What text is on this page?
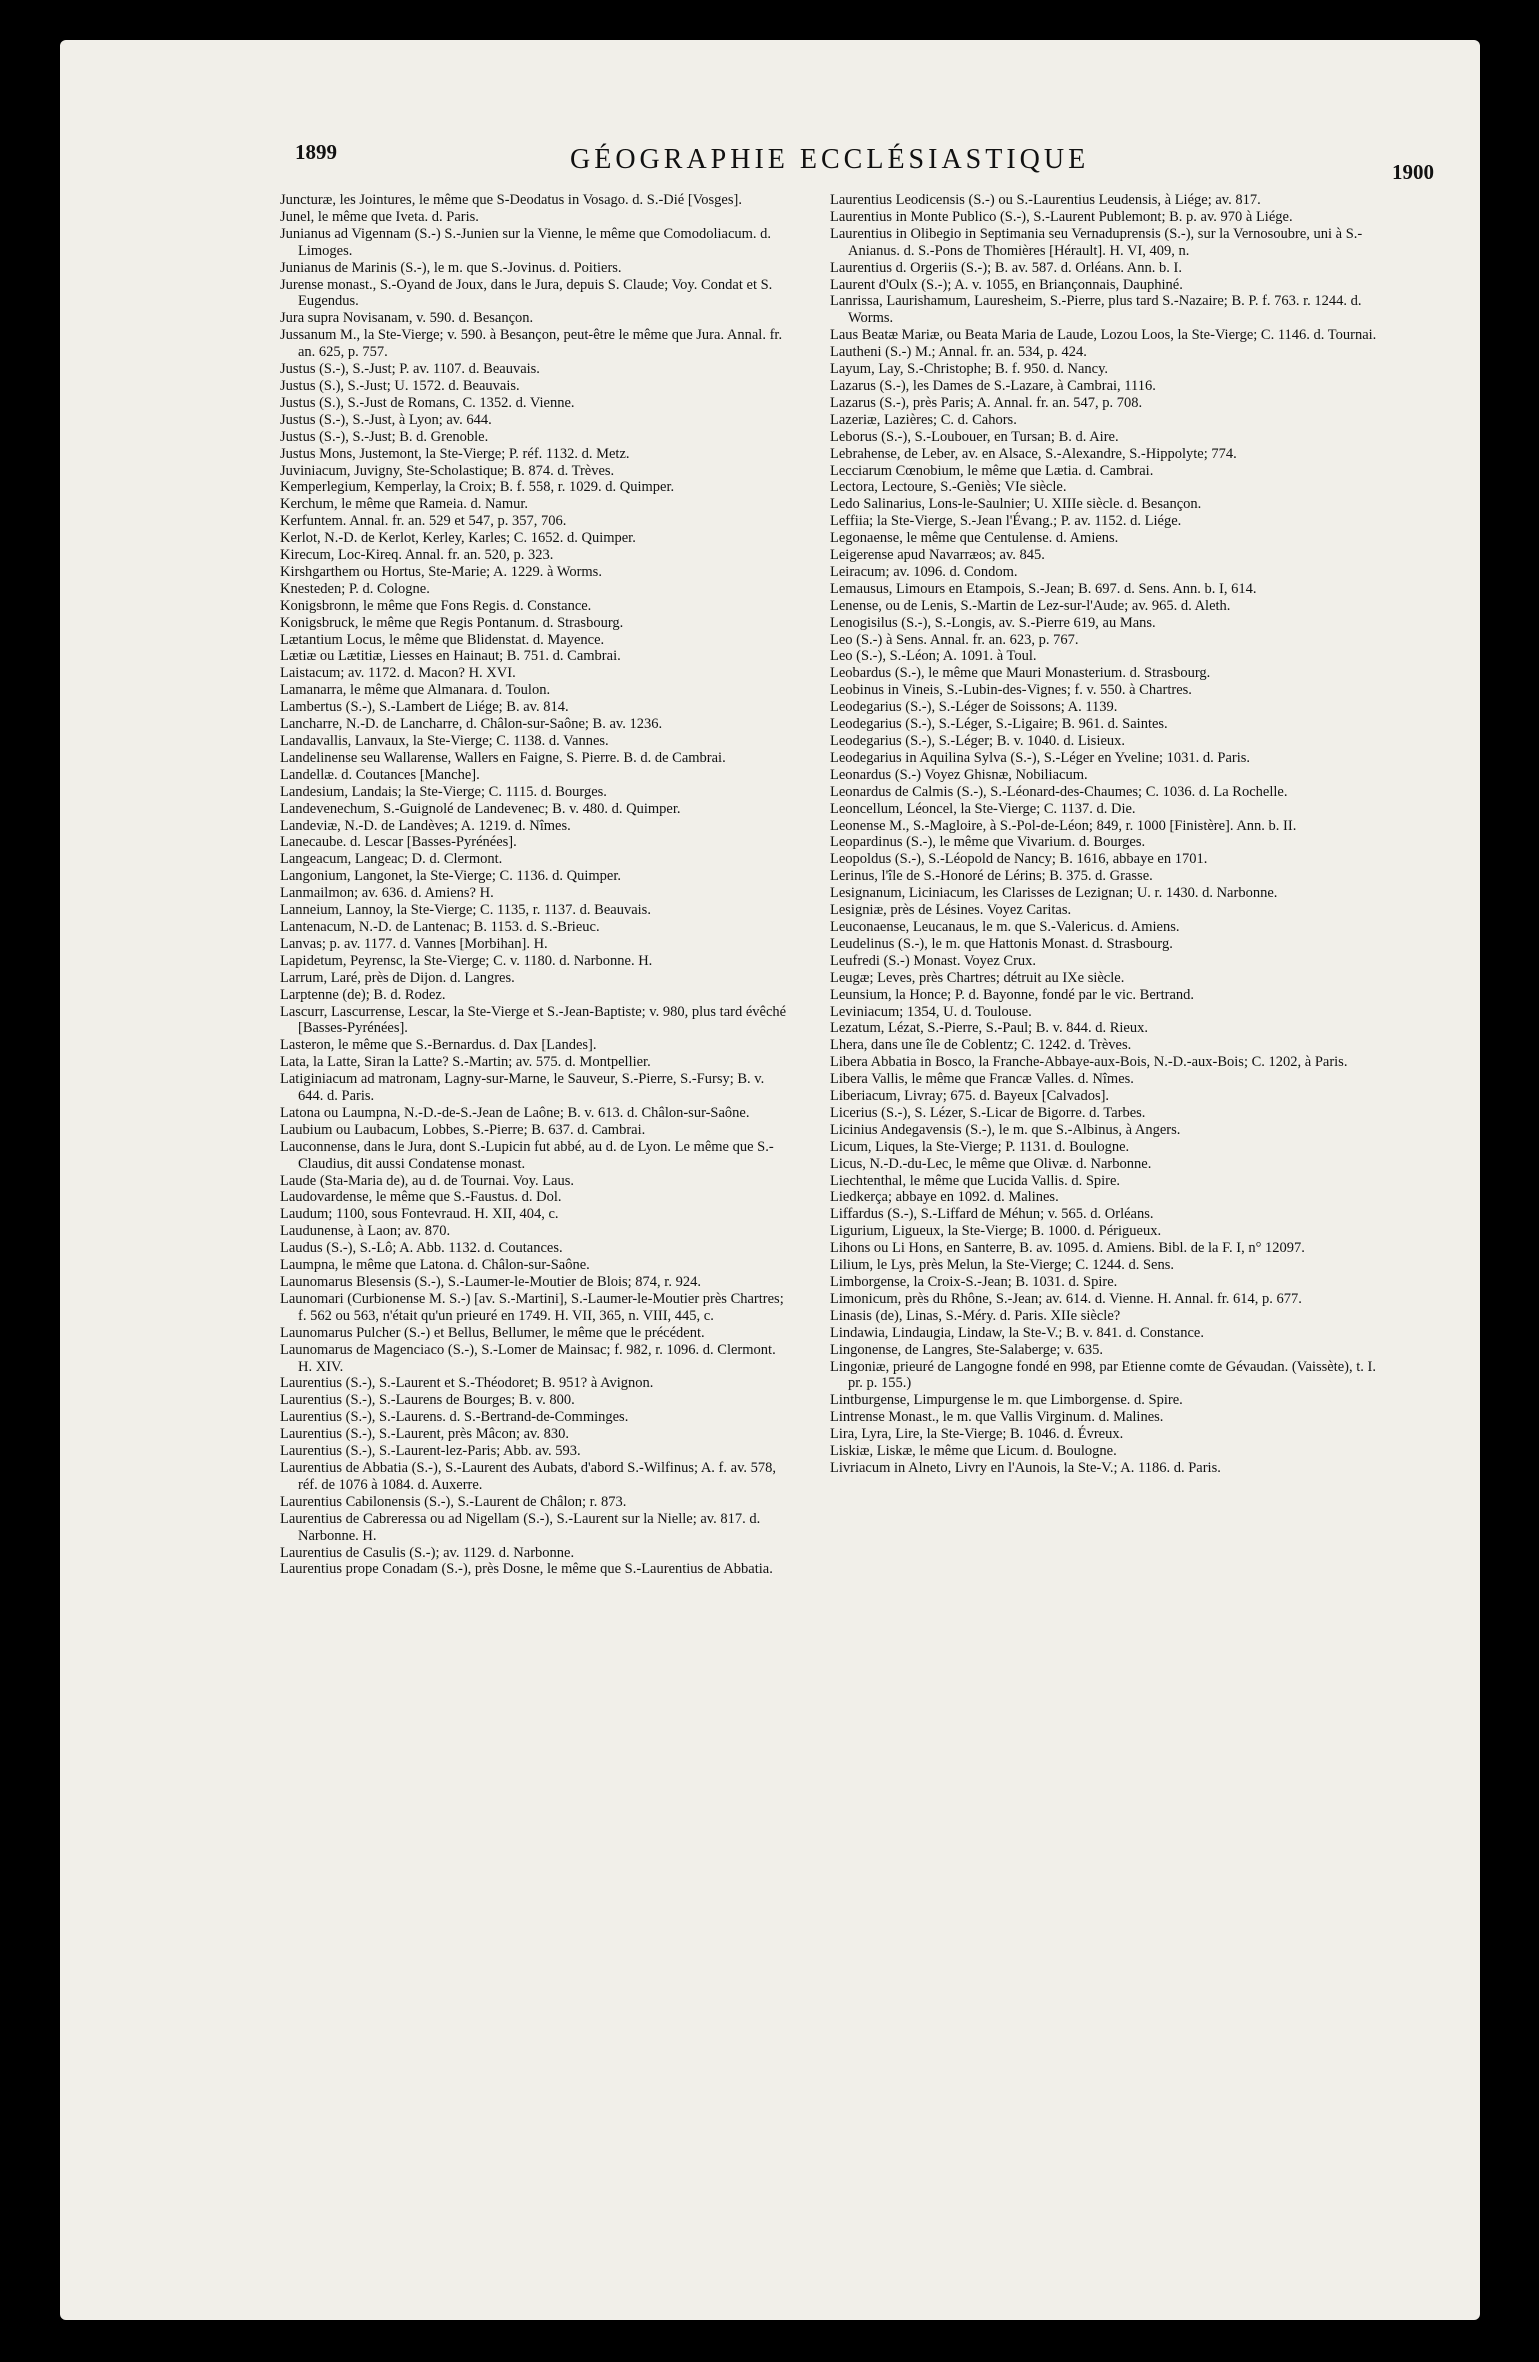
1899	GÉOGRAPHIE ECCLÉSIASTIQUE	1900

Juncturæ, les Jointures, le même que S-Deodatus in Vosago. d. S.-Dié [Vosges].

Junel, le même que Iveta. d. Paris.

Junianus ad Vigennam (S.-) S.-Junien sur la Vienne, le même que Comodoliacum. d. Limoges.

Junianus de Marinis (S.-), le m. que S.-Jovinus. d. Poitiers.

Jurense monast., S.-Oyand de Joux, dans le Jura, depuis S. Claude; Voy. Condat et S. Eugendus.

Jura supra Novisanam, v. 590. d. Besançon.

Jussanum M., la Ste-Vierge; v. 590. à Besançon, peut-être le même que Jura. Annal. fr. an. 625, p. 757.

Justus (S.-), S.-Just; P. av. 1107. d. Beauvais.

Justus (S.), S.-Just; U. 1572. d. Beauvais.

Justus (S.), S.-Just de Romans, C. 1352. d. Vienne.

Justus (S.-), S.-Just, à Lyon; av. 644.

Justus (S.-), S.-Just; B. d. Grenoble.

Justus Mons, Justemont, la Ste-Vierge; P. réf. 1132. d. Metz.

Juviniacum, Juvigny, Ste-Scholastique; B. 874. d. Trèves.

Kemperlegium, Kemperlay, la Croix; B. f. 558, r. 1029. d. Quimper.

Kerchum, le même que Rameia. d. Namur.

Kerfuntem. Annal. fr. an. 529 et 547, p. 357, 706.

Kerlot, N.-D. de Kerlot, Kerley, Karles; C. 1652. d. Quimper.

Kirecum, Loc-Kireq. Annal. fr. an. 520, p. 323.

Kirshgarthem ou Hortus, Ste-Marie; A. 1229. à Worms.

Knesteden; P. d. Cologne.

Konigsbronn, le même que Fons Regis. d. Constance.

Konigsbruck, le même que Regis Pontanum. d. Strasbourg.

Lætantium Locus, le même que Blidenstat. d. Mayence.

Lætiæ ou Lætitiæ, Liesses en Hainaut; B. 751. d. Cambrai.

Laistacum; av. 1172. d. Macon? H. XVI.

Lamanarra, le même que Almanara. d. Toulon.

Lambertus (S.-), S.-Lambert de Liége; B. av. 814.

Lancharre, N.-D. de Lancharre, d. Châlon-sur-Saône; B. av. 1236.

Landavallis, Lanvaux, la Ste-Vierge; C. 1138. d. Vannes.

Landelinense seu Wallarense, Wallers en Faigne, S. Pierre. B. d. de Cambrai.

Landellæ. d. Coutances [Manche].

Landesium, Landais; la Ste-Vierge; C. 1115. d. Bourges.

Landevenechum, S.-Guignolé de Landevenec; B. v. 480. d. Quimper.

Landeviæ, N.-D. de Landèves; A. 1219. d. Nîmes.

Lanecaube. d. Lescar [Basses-Pyrénées].

Langeacum, Langeac; D. d. Clermont.

Langonium, Langonet, la Ste-Vierge; C. 1136. d. Quimper.

Lanmailmon; av. 636. d. Amiens? H.

Lanneium, Lannoy, la Ste-Vierge; C. 1135, r. 1137. d. Beauvais.

Lantenacum, N.-D. de Lantenac; B. 1153. d. S.-Brieuc.

Lanvas; p. av. 1177. d. Vannes [Morbihan]. H.

Lapidetum, Peyrensc, la Ste-Vierge; C. v. 1180. d. Narbonne. H.

Larrum, Laré, près de Dijon. d. Langres.

Larptenne (de); B. d. Rodez.

Lascurr, Lascurrense, Lescar, la Ste-Vierge et S.-Jean-Baptiste; v. 980, plus tard évêché [Basses-Pyrénées].

Lasteron, le même que S.-Bernardus. d. Dax [Landes].

Lata, la Latte, Siran la Latte? S.-Martin; av. 575. d. Montpellier.

Latiginiacum ad matronam, Lagny-sur-Marne, le Sauveur, S.-Pierre, S.-Fursy; B. v. 644. d. Paris.

Latona ou Laumpna, N.-D.-de-S.-Jean de Laône; B. v. 613. d. Châlon-sur-Saône.

Laubium ou Laubacum, Lobbes, S.-Pierre; B. 637. d. Cambrai.

Lauconnense, dans le Jura, dont S.-Lupicin fut abbé, au d. de Lyon. Le même que S.-Claudius, dit aussi Condatense monast.

Laude (Sta-Maria de), au d. de Tournai. Voy. Laus.

Laudovardense, le même que S.-Faustus. d. Dol.

Laudum; 1100, sous Fontevraud. H. XII, 404, c.

Laudunense, à Laon; av. 870.

Laudus (S.-), S.-Lô; A. Abb. 1132. d. Coutances.

Laumpna, le même que Latona. d. Châlon-sur-Saône.

Launomarus Blesensis (S.-), S.-Laumer-le-Moutier de Blois; 874, r. 924.

Launomari (Curbionense M. S.-) [av. S.-Martini], S.-Laumer-le-Moutier près Chartres; f. 562 ou 563, n'était qu'un prieuré en 1749. H. VII, 365, n. VIII, 445, c.

Launomarus Pulcher (S.-) et Bellus, Bellumer, le même que le précédent.

Launomarus de Magenciaco (S.-), S.-Lomer de Mainsac; f. 982, r. 1096. d. Clermont. H. XIV.

Laurentius (S.-), S.-Laurent et S.-Théodoret; B. 951? à Avignon.

Laurentius (S.-), S.-Laurens de Bourges; B. v. 800.

Laurentius (S.-), S.-Laurens. d. S.-Bertrand-de-Comminges.

Laurentius (S.-), S.-Laurent, près Mâcon; av. 830.

Laurentius (S.-), S.-Laurent-lez-Paris; Abb. av. 593.

Laurentius de Abbatia (S.-), S.-Laurent des Aubats, d'abord S.-Wilfinus; A. f. av. 578, réf. de 1076 à 1084. d. Auxerre.

Laurentius Cabilonensis (S.-), S.-Laurent de Châlon; r. 873.

Laurentius de Cabreressa ou ad Nigellam (S.-), S.-Laurent sur la Nielle; av. 817. d. Narbonne. H.

Laurentius de Casulis (S.-); av. 1129. d. Narbonne.

Laurentius prope Conadam (S.-), près Dosne, le même que S.-Laurentius de Abbatia.

Laurentius Leodicensis (S.-) ou S.-Laurentius Leudensis, à Liége; av. 817.

Laurentius in Monte Publico (S.-), S.-Laurent Publemont; B. p. av. 970 à Liége.

Laurentius in Olibegio in Septimania seu Vernaduprensis (S.-), sur la Vernosoubre, uni à S.-Anianus. d. S.-Pons de Thomières [Hérault]. H. VI, 409, n.

Laurentius d. Orgeriis (S.-); B. av. 587. d. Orléans. Ann. b. I.

Laurent d'Oulx (S.-); A. v. 1055, en Briançonnais, Dauphiné.

Lanrissa, Laurishamum, Lauresheim, S.-Pierre, plus tard S.-Nazaire; B. P. f. 763. r. 1244. d. Worms.

Laus Beatæ Mariæ, ou Beata Maria de Laude, Lozou Loos, la Ste-Vierge; C. 1146. d. Tournai.

Lautheni (S.-) M.; Annal. fr. an. 534, p. 424.

Layum, Lay, S.-Christophe; B. f. 950. d. Nancy.

Lazarus (S.-), les Dames de S.-Lazare, à Cambrai, 1116.

Lazarus (S.-), près Paris; A. Annal. fr. an. 547, p. 708.

Lazeriæ, Lazières; C. d. Cahors.

Leborus (S.-), S.-Loubouer, en Tursan; B. d. Aire.

Lebrahense, de Leber, av. en Alsace, S.-Alexandre, S.-Hippolyte; 774.

Lecciarum Cœnobium, le même que Lætia. d. Cambrai.

Lectora, Lectoure, S.-Geniès; VIe siècle.

Ledo Salinarius, Lons-le-Saulnier; U. XIIIe siècle. d. Besançon.

Leffiia; la Ste-Vierge, S.-Jean l'Évang.; P. av. 1152. d. Liége.

Legonaense, le même que Centulense. d. Amiens.

Leigerense apud Navarræos; av. 845.

Leiracum; av. 1096. d. Condom.

Lemausus, Limours en Etampois, S.-Jean; B. 697. d. Sens. Ann. b. I, 614.

Lenense, ou de Lenis, S.-Martin de Lez-sur-l'Aude; av. 965. d. Aleth.

Lenogisilus (S.-), S.-Longis, av. S.-Pierre 619, au Mans.

Leo (S.-) à Sens. Annal. fr. an. 623, p. 767.

Leo (S.-), S.-Léon; A. 1091. à Toul.

Leobardus (S.-), le même que Mauri Monasterium. d. Strasbourg.

Leobinus in Vineis, S.-Lubin-des-Vignes; f. v. 550. à Chartres.

Leodegarius (S.-), S.-Léger de Soissons; A. 1139.

Leodegarius (S.-), S.-Léger, S.-Ligaire; B. 961. d. Saintes.

Leodegarius (S.-), S.-Léger; B. v. 1040. d. Lisieux.

Leodegarius in Aquilina Sylva (S.-), S.-Léger en Yveline; 1031. d. Paris.

Leonardus (S.-) Voyez Ghisnæ, Nobiliacum.

Leonardus de Calmis (S.-), S.-Léonard-des-Chaumes; C. 1036. d. La Rochelle.

Leoncellum, Léoncel, la Ste-Vierge; C. 1137. d. Die.

Leonense M., S.-Magloire, à S.-Pol-de-Léon; 849, r. 1000 [Finistère]. Ann. b. II.

Leopardinus (S.-), le même que Vivarium. d. Bourges.

Leopoldus (S.-), S.-Léopold de Nancy; B. 1616, abbaye en 1701.

Lerinus, l'île de S.-Honoré de Lérins; B. 375. d. Grasse.

Lesignanum, Liciniacum, les Clarisses de Lezignan; U. r. 1430. d. Narbonne.

Lesigniæ, près de Lésines. Voyez Caritas.

Leuconaense, Leucanaus, le m. que S.-Valericus. d. Amiens.

Leudelinus (S.-), le m. que Hattonis Monast. d. Strasbourg.

Leufredi (S.-) Monast. Voyez Crux.

Leugæ; Leves, près Chartres; détruit au IXe siècle.

Leunsium, la Honce; P. d. Bayonne, fondé par le vic. Bertrand.

Leviniacum; 1354, U. d. Toulouse.

Lezatum, Lézat, S.-Pierre, S.-Paul; B. v. 844. d. Rieux.

Lhera, dans une île de Coblentz; C. 1242. d. Trèves.

Libera Abbatia in Bosco, la Franche-Abbaye-aux-Bois, N.-D.-aux-Bois; C. 1202, à Paris.

Libera Vallis, le même que Francæ Valles. d. Nîmes.

Liberiacum, Livray; 675. d. Bayeux [Calvados].

Licerius (S.-), S. Lézer, S.-Licar de Bigorre. d. Tarbes.

Licinius Andegavensis (S.-), le m. que S.-Albinus, à Angers.

Licum, Liques, la Ste-Vierge; P. 1131. d. Boulogne.

Licus, N.-D.-du-Lec, le même que Olivæ. d. Narbonne.

Liechtenthal, le même que Lucida Vallis. d. Spire.

Liedkerça; abbaye en 1092. d. Malines.

Liffardus (S.-), S.-Liffard de Méhun; v. 565. d. Orléans.

Ligurium, Ligueux, la Ste-Vierge; B. 1000. d. Périgueux.

Lihons ou Li Hons, en Santerre, B. av. 1095. d. Amiens. Bibl. de la F. I, n° 12097.

Lilium, le Lys, près Melun, la Ste-Vierge; C. 1244. d. Sens.

Limborgense, la Croix-S.-Jean; B. 1031. d. Spire.

Limonicum, près du Rhône, S.-Jean; av. 614. d. Vienne. H. Annal. fr. 614, p. 677.

Linasis (de), Linas, S.-Méry. d. Paris. XIIe siècle?

Lindawia, Lindaugia, Lindaw, la Ste-V.; B. v. 841. d. Constance.

Lingonense, de Langres, Ste-Salaberge; v. 635.

Lingoniæ, prieuré de Langogne fondé en 998, par Etienne comte de Gévaudan. (Vaissète), t. I. pr. p. 155.)

Lintburgense, Limpurgense le m. que Limborgense. d. Spire.

Lintrense Monast., le m. que Vallis Virginum. d. Malines.

Lira, Lyra, Lire, la Ste-Vierge; B. 1046. d. Évreux.

Liskiæ, Liskæ, le même que Licum. d. Boulogne.

Livriacum in Alneto, Livry en l'Aunois, la Ste-V.; A. 1186. d. Paris.
